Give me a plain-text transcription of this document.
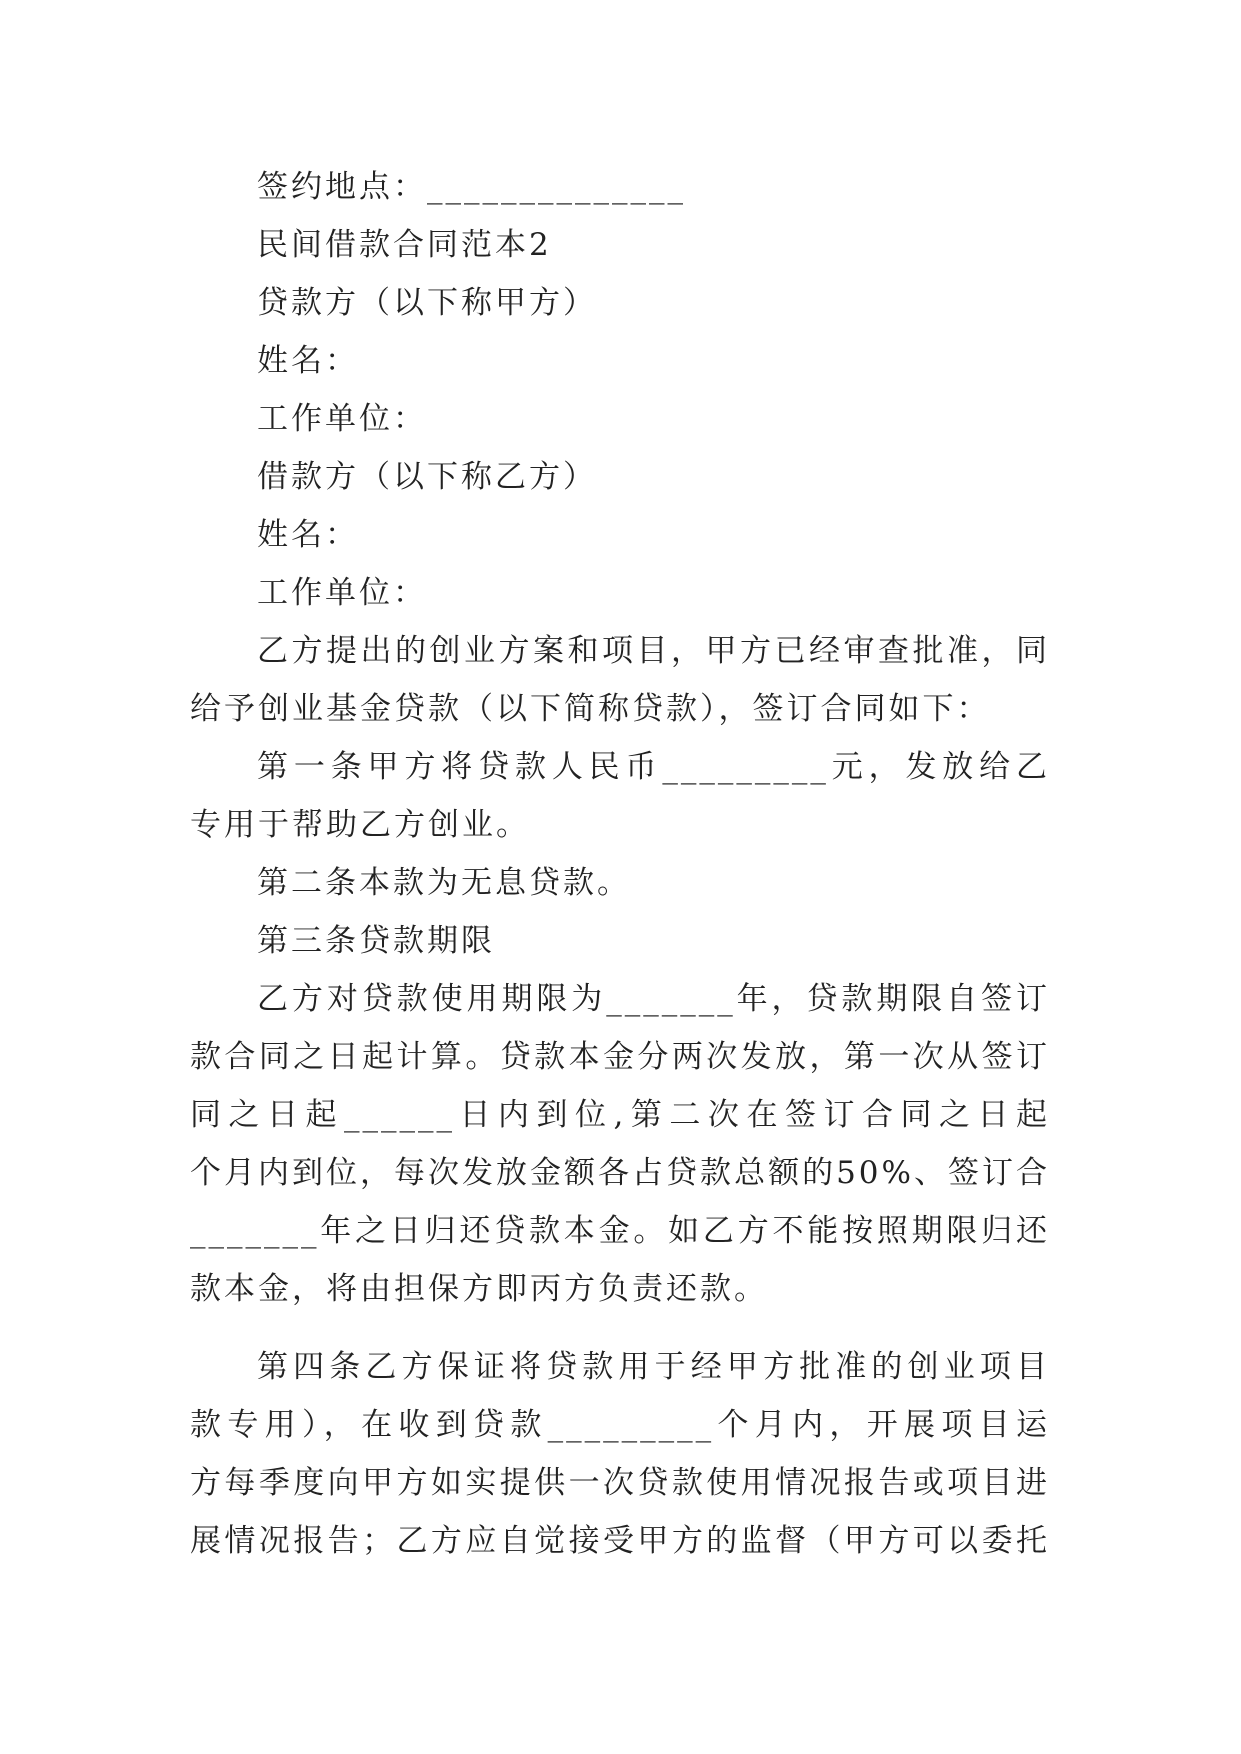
签约地点：______________
民间借款合同范本2
贷款方（以下称甲方）
姓名：
工作单位：
借款方（以下称乙方）
姓名：
工作单位：
乙方提出的创业方案和项目，甲方已经审查批准，同
给予创业基金贷款（以下简称贷款），签订合同如下：
第一条甲方将贷款人民币_________元，发放给乙
专用于帮助乙方创业。
第二条本款为无息贷款。
第三条贷款期限
乙方对贷款使用期限为_______年，贷款期限自签订
款合同之日起计算。贷款本金分两次发放，第一次从签订
同之日起______日内到位,第二次在签订合同之日起
个月内到位，每次发放金额各占贷款总额的50%、签订合
_______年之日归还贷款本金。如乙方不能按照期限归还
款本金，将由担保方即丙方负责还款。
第四条乙方保证将贷款用于经甲方批准的创业项目
款专用），在收到贷款_________个月内，开展项目运
方每季度向甲方如实提供一次贷款使用情况报告或项目进
展情况报告；乙方应自觉接受甲方的监督（甲方可以委托
